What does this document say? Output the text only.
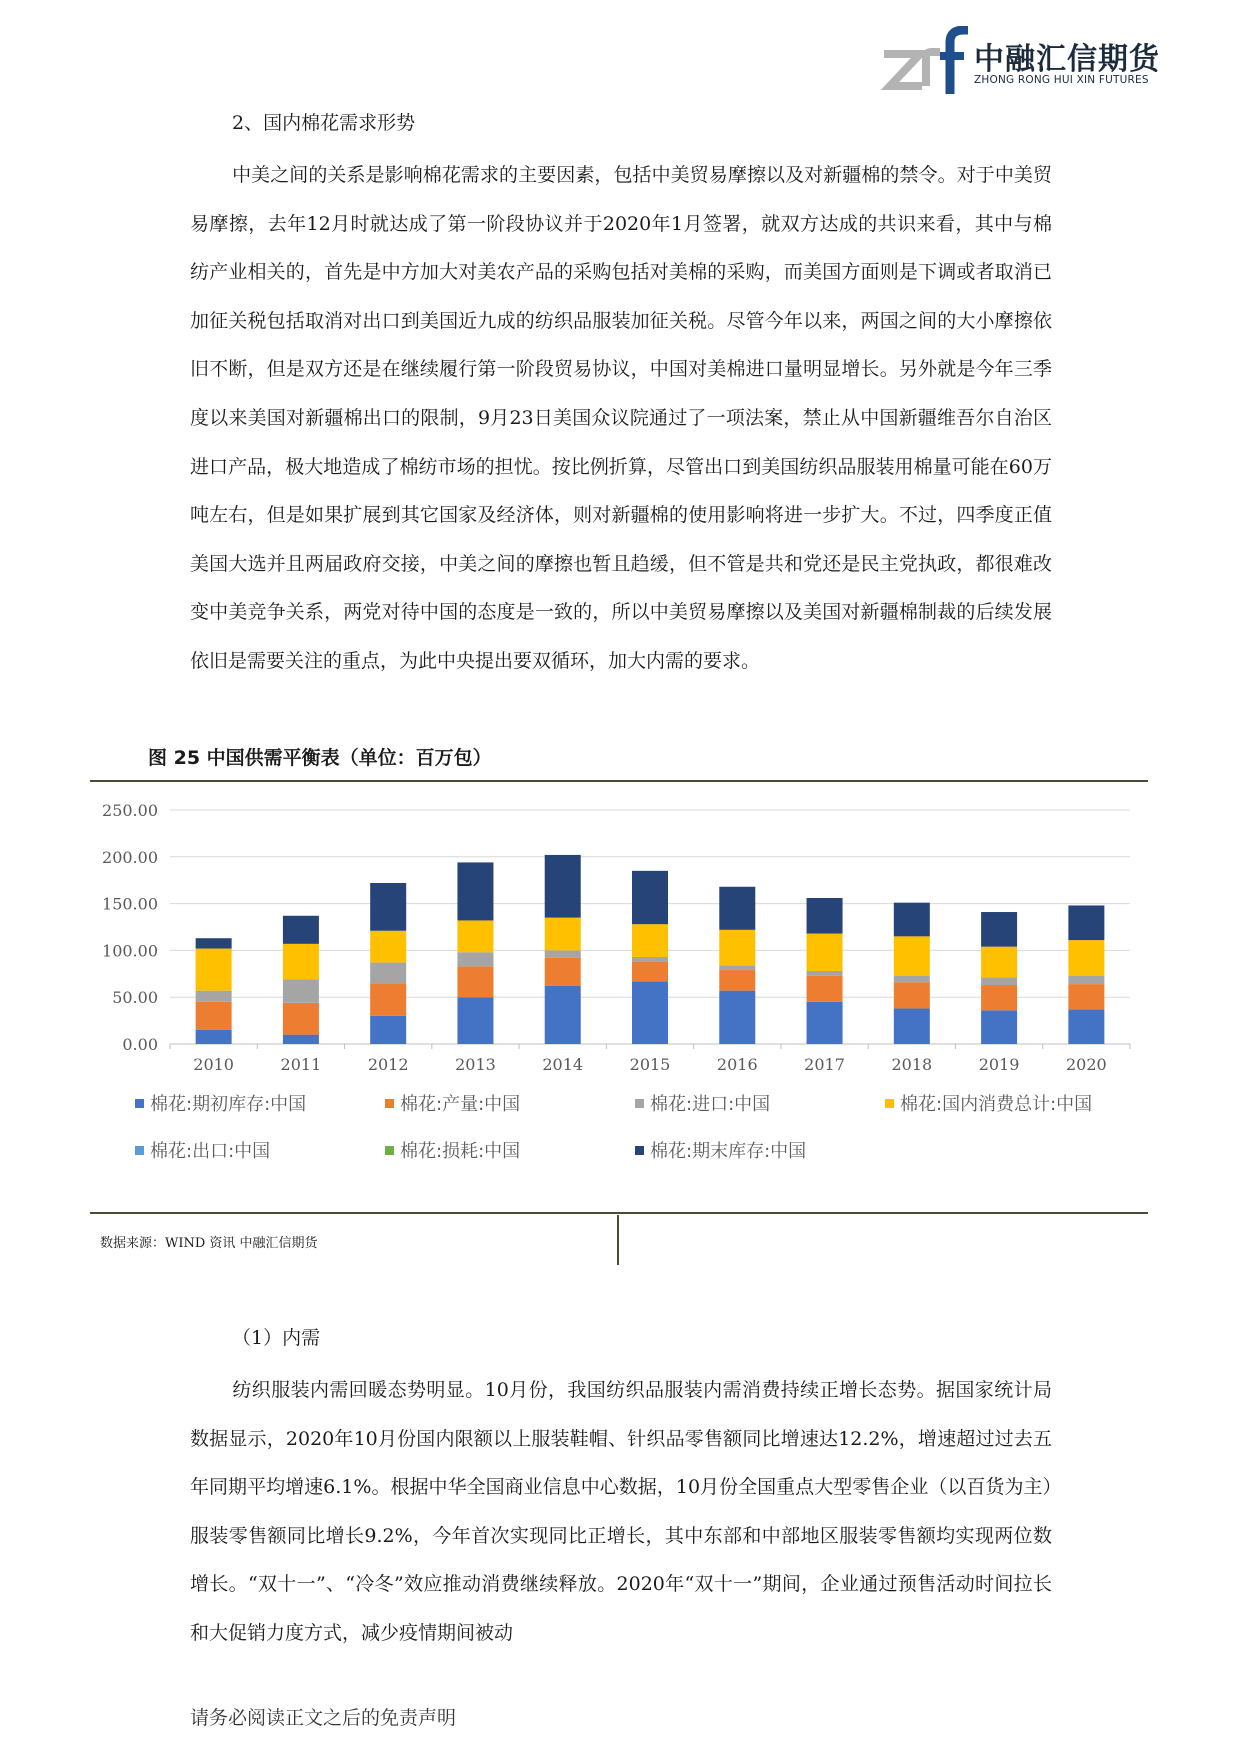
中融汇信期货
ZHONG RONG HUI XIN FUTURES

2、国内棉花需求形势

中美之间的关系是影响棉花需求的主要因素，包括中美贸易摩擦以及对新疆棉的禁令。对于中美贸易摩擦，去年12月时就达成了第一阶段协议并于2020年1月签署，就双方达成的共识来看，其中与棉纺产业相关的，首先是中方加大对美农产品的采购包括对美棉的采购，而美国方面则是下调或者取消已加征关税包括取消对出口到美国近九成的纺织品服装加征关税。尽管今年以来，两国之间的大小摩擦依旧不断，但是双方还是在继续履行第一阶段贸易协议，中国对美棉进口量明显增长。另外就是今年三季度以来美国对新疆棉出口的限制，9月23日美国众议院通过了一项法案，禁止从中国新疆维吾尔自治区进口产品，极大地造成了棉纺市场的担忧。按比例折算，尽管出口到美国纺织品服装用棉量可能在60万吨左右，但是如果扩展到其它国家及经济体，则对新疆棉的使用影响将进一步扩大。不过，四季度正值美国大选并且两届政府交接，中美之间的摩擦也暂且趋缓，但不管是共和党还是民主党执政，都很难改变中美竞争关系，两党对待中国的态度是一致的，所以中美贸易摩擦以及美国对新疆棉制裁的后续发展依旧是需要关注的重点，为此中央提出要双循环，加大内需的要求。

图 25 中国供需平衡表（单位：百万包）

0.00
50.00
100.00
150.00
200.00
250.00
2010	2011	2012	2013	2014	2015	2016	2017	2018	2019	2020
棉花:期初库存:中国	棉花:产量:中国	棉花:进口:中国	棉花:国内消费总计:中国
棉花:出口:中国	棉花:损耗:中国	棉花:期末库存:中国

数据来源：WIND 资讯 中融汇信期货

（1）内需

纺织服装内需回暖态势明显。10月份，我国纺织品服装内需消费持续正增长态势。据国家统计局数据显示，2020年10月份国内限额以上服装鞋帽、针织品零售额同比增速达12.2%，增速超过过去五年同期平均增速6.1%。根据中华全国商业信息中心数据，10月份全国重点大型零售企业（以百货为主）服装零售额同比增长9.2%，今年首次实现同比正增长，其中东部和中部地区服装零售额均实现两位数增长。“双十一”、“冷冬”效应推动消费继续释放。2020年“双十一”期间，企业通过预售活动时间拉长和大促销力度方式，减少疫情期间被动

请务必阅读正文之后的免责声明
